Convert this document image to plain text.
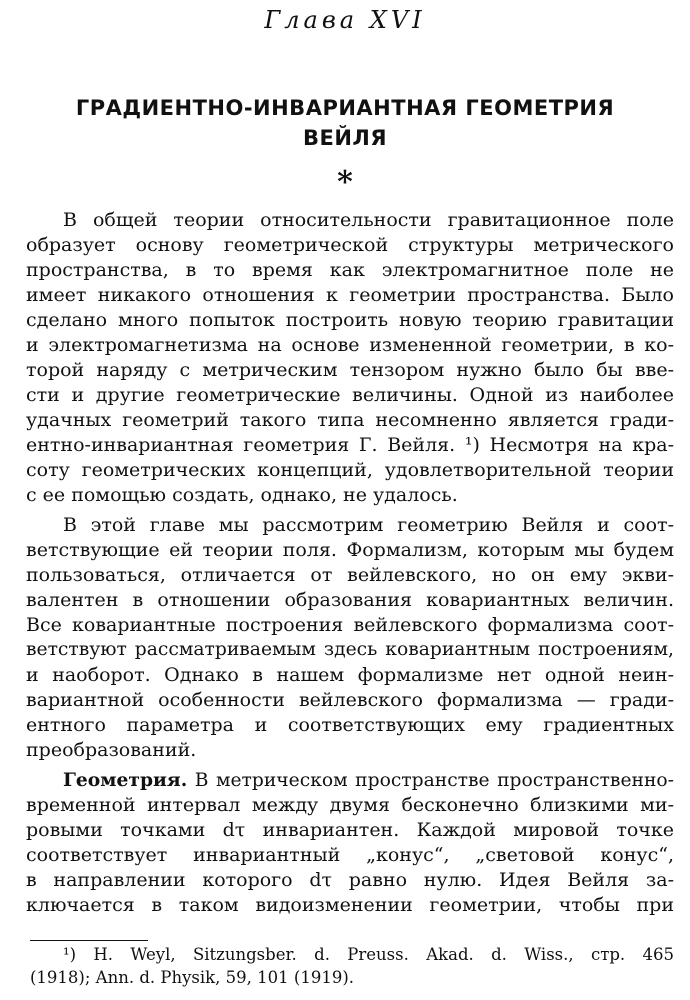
Глава XVI
ГРАДИЕНТНО-ИНВАРИАНТНАЯ ГЕОМЕТРИЯ
ВЕЙЛЯ
*
В общей теории относительности гравитационное поле
образует основу геометрической структуры метрического
пространства, в то время как электромагнитное поле не
имеет никакого отношения к геометрии пространства. Было
сделано много попыток построить новую теорию гравитации
и электромагнетизма на основе измененной геометрии, в ко-
торой наряду с метрическим тензором нужно было бы вве-
сти и другие геометрические величины. Одной из наиболее
удачных геометрий такого типа несомненно является гради-
ентно-инвариантная геометрия Г. Вейля. ¹) Несмотря на кра-
соту геометрических концепций, удовлетворительной теории
с ее помощью создать, однако, не удалось.
В этой главе мы рассмотрим геометрию Вейля и соот-
ветствующие ей теории поля. Формализм, которым мы будем
пользоваться, отличается от вейлевского, но он ему экви-
валентен в отношении образования ковариантных величин.
Все ковариантные построения вейлевского формализма соот-
ветствуют рассматриваемым здесь ковариантным построениям,
и наоборот. Однако в нашем формализме нет одной неин-
вариантной особенности вейлевского формализма — гради-
ентного параметра и соответствующих ему градиентных
преобразований.
Геометрия. В метрическом пространстве пространственно-
временной интервал между двумя бесконечно близкими ми-
ровыми точками dτ инвариантен. Каждой мировой точке
соответствует инвариантный „конус“, „световой конус“,
в направлении которого dτ равно нулю. Идея Вейля за-
ключается в таком видоизменении геометрии, чтобы при
¹) H. Weyl, Sitzungsber. d. Preuss. Akad. d. Wiss., стр. 465
(1918); Ann. d. Physik, 59, 101 (1919).
